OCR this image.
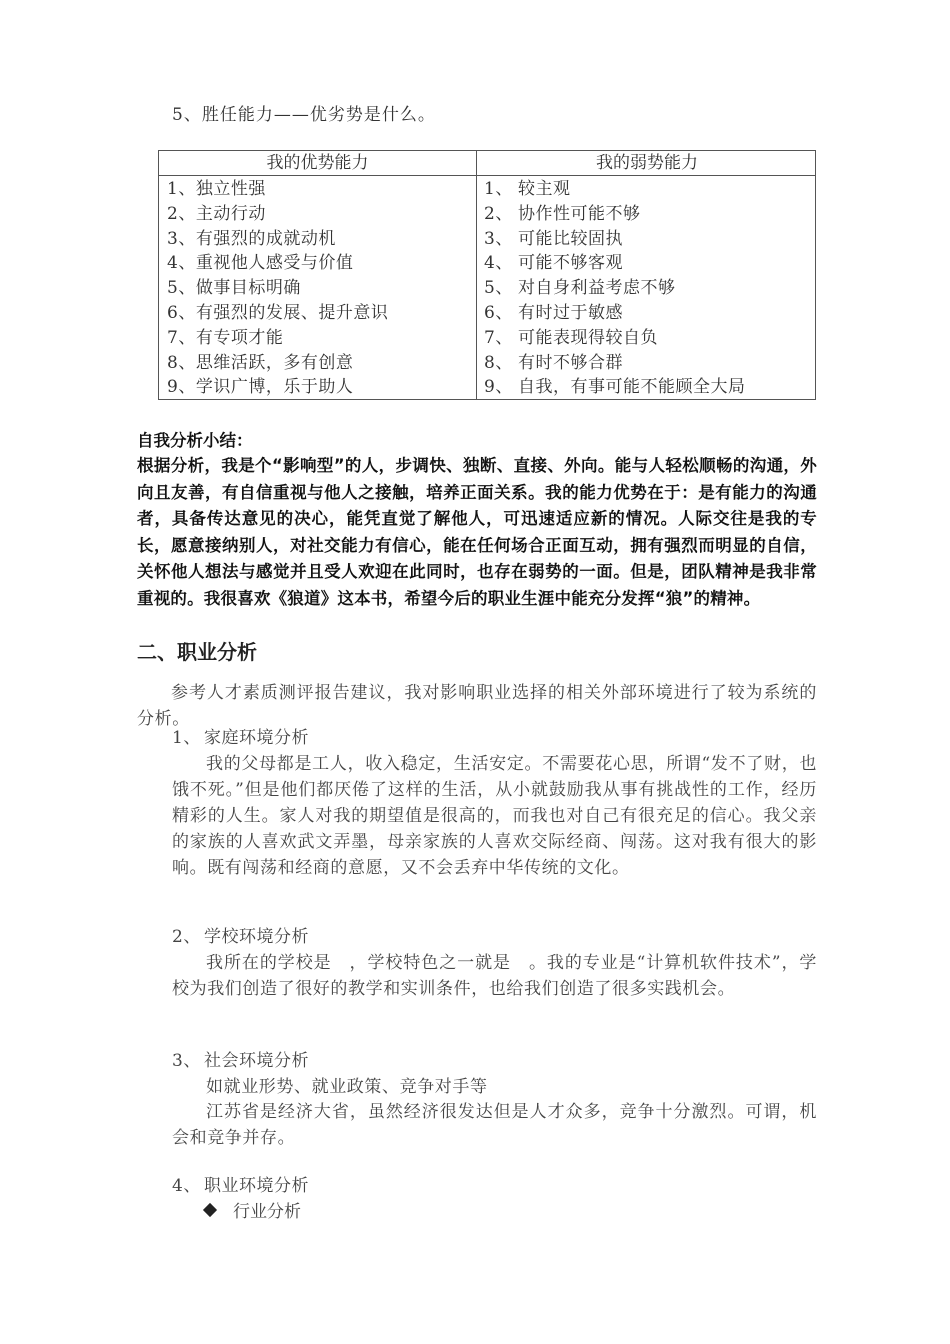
5、胜任能力——优劣势是什么。
我的优势能力	我的弱势能力
1、独立性强
2、主动行动
3、有强烈的成就动机
4、重视他人感受与价值
5、做事目标明确
6、有强烈的发展、提升意识
7、有专项才能
8、思维活跃，多有创意
9、学识广博，乐于助人
1、 较主观
2、 协作性可能不够
3、 可能比较固执
4、 可能不够客观
5、 对自身利益考虑不够
6、 有时过于敏感
7、 可能表现得较自负
8、 有时不够合群
9、 自我，有事可能不能顾全大局
自我分析小结：
根据分析，我是个“影响型”的人，步调快、独断、直接、外向。能与人轻松顺畅的沟通，外向且友善，有自信重视与他人之接触，培养正面关系。我的能力优势在于：是有能力的沟通者，具备传达意见的决心，能凭直觉了解他人，可迅速适应新的情况。人际交往是我的专长，愿意接纳别人，对社交能力有信心，能在任何场合正面互动，拥有强烈而明显的自信，关怀他人想法与感觉并且受人欢迎在此同时，也存在弱势的一面。但是，团队精神是我非常重视的。我很喜欢《狼道》这本书，希望今后的职业生涯中能充分发挥“狼”的精神。
二、职业分析
参考人才素质测评报告建议，我对影响职业选择的相关外部环境进行了较为系统的分析。
1、 家庭环境分析
我的父母都是工人，收入稳定，生活安定。不需要花心思，所谓“发不了财，也饿不死。”但是他们都厌倦了这样的生活，从小就鼓励我从事有挑战性的工作，经历精彩的人生。家人对我的期望值是很高的，而我也对自己有很充足的信心。我父亲的家族的人喜欢武文弄墨，母亲家族的人喜欢交际经商、闯荡。这对我有很大的影响。既有闯荡和经商的意愿，又不会丢弃中华传统的文化。
2、 学校环境分析
我所在的学校是　，学校特色之一就是　。我的专业是“计算机软件技术”，学校为我们创造了很好的教学和实训条件，也给我们创造了很多实践机会。
3、 社会环境分析
如就业形势、就业政策、竞争对手等
江苏省是经济大省，虽然经济很发达但是人才众多，竞争十分激烈。可谓，机会和竞争并存。
4、 职业环境分析
行业分析
